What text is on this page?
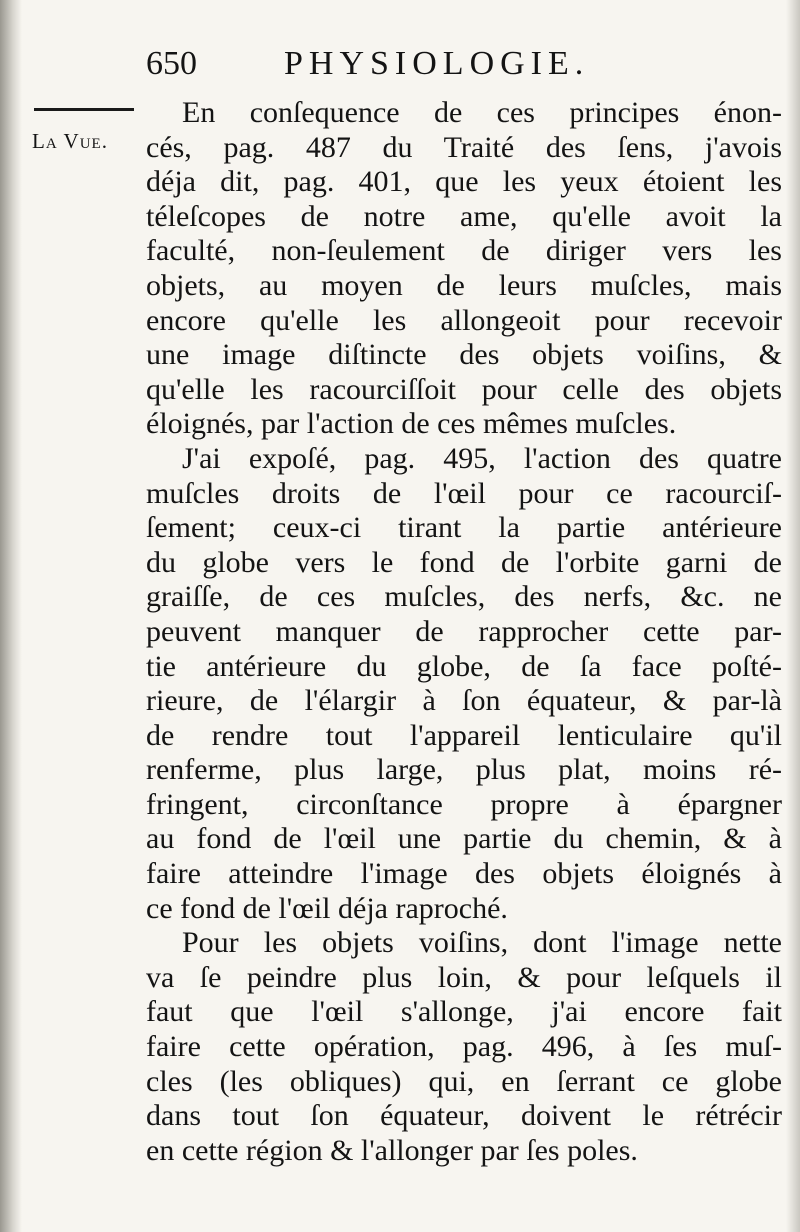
650	PHYSIOLOGIE.
La Vue.

En conſequence de ces principes énon-
cés, pag. 487 du Traité des ſens, j'avois
déja dit, pag. 401, que les yeux étoient les
téleſcopes de notre ame, qu'elle avoit la
faculté, non-ſeulement de diriger vers les
objets, au moyen de leurs muſcles, mais
encore qu'elle les allongeoit pour recevoir
une image diſtincte des objets voiſins, &
qu'elle les racourciſſoit pour celle des objets
éloignés, par l'action de ces mêmes muſcles.

J'ai expoſé, pag. 495, l'action des quatre
muſcles droits de l'œil pour ce racourciſ-
ſement; ceux-ci tirant la partie antérieure
du globe vers le fond de l'orbite garni de
graiſſe, de ces muſcles, des nerfs, &c. ne
peuvent manquer de rapprocher cette par-
tie antérieure du globe, de ſa face poſté-
rieure, de l'élargir à ſon équateur, & par-là
de rendre tout l'appareil lenticulaire qu'il
renferme, plus large, plus plat, moins ré-
fringent, circonſtance propre à épargner
au fond de l'œil une partie du chemin, & à
faire atteindre l'image des objets éloignés à
ce fond de l'œil déja raproché.

Pour les objets voiſins, dont l'image nette
va ſe peindre plus loin, & pour leſquels il
faut que l'œil s'allonge, j'ai encore fait
faire cette opération, pag. 496, à ſes muſ-
cles (les obliques) qui, en ſerrant ce globe
dans tout ſon équateur, doivent le rétrécir
en cette région & l'allonger par ſes poles.
